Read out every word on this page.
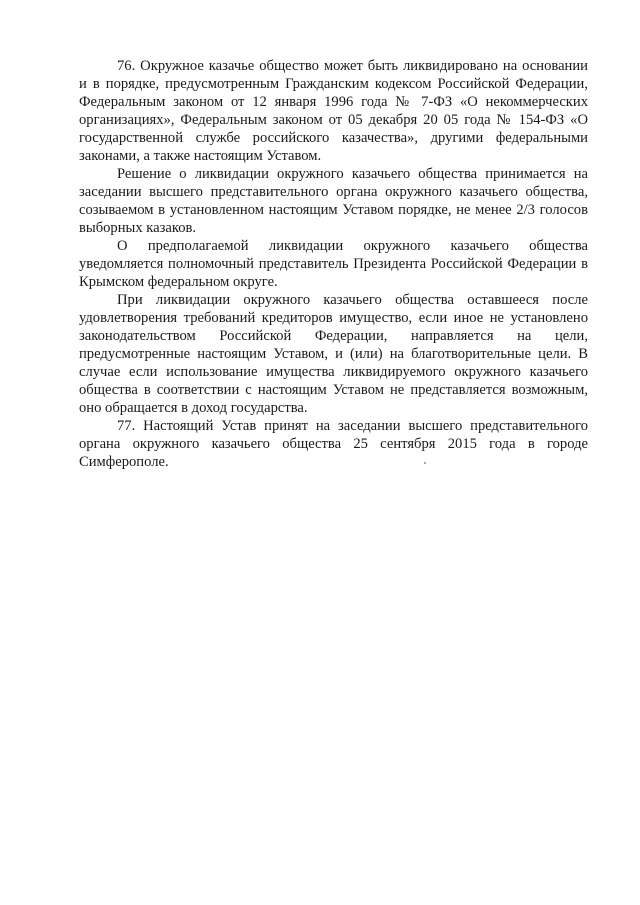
76. Окружное казачье общество может быть ликвидировано на основании и в порядке, предусмотренным Гражданским кодексом Российской Федерации, Федеральным законом от 12 января 1996 года № 7-ФЗ «О некоммерческих организациях», Федеральным законом от 05 декабря 20 05 года № 154-ФЗ «О государственной службе российского казачества», другими федеральными законами, а также настоящим Уставом.

Решение о ликвидации окружного казачьего общества принимается на заседании высшего представительного органа окружного казачьего общества, созываемом в установленном настоящим Уставом порядке, не менее 2/3 голосов выборных казаков.

О предполагаемой ликвидации окружного казачьего общества уведомляется полномочный представитель Президента Российской Федерации в Крымском федеральном округе.

При ликвидации окружного казачьего общества оставшееся после удовлетворения требований кредиторов имущество, если иное не установлено законодательством Российской Федерации, направляется на цели, предусмотренные настоящим Уставом, и (или) на благотворительные цели. В случае если использование имущества ликвидируемого окружного казачьего общества в соответствии с настоящим Уставом не представляется возможным, оно обращается в доход государства.

77. Настоящий Устав принят на заседании высшего представительного органа окружного казачьего общества 25 сентября 2015 года в городе Симферополе.
